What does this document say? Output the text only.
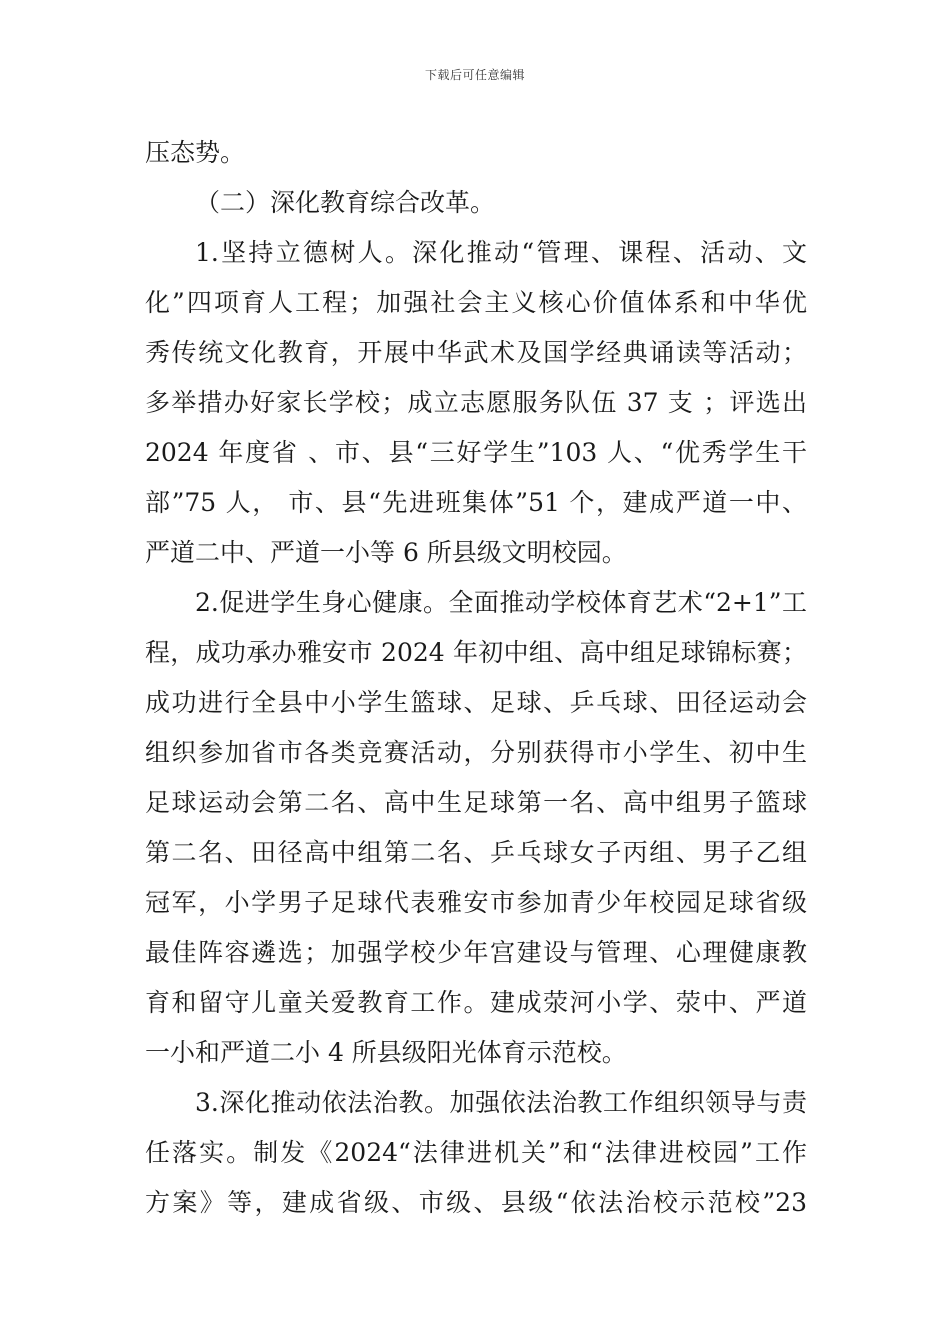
下载后可任意编辑
压态势。
（二）深化教育综合改革。
1.坚持立德树人。深化推动“管理、课程、活动、文
化”四项育人工程；加强社会主义核心价值体系和中华优
秀传统文化教育，开展中华武术及国学经典诵读等活动；
多举措办好家长学校；成立志愿服务队伍 37 支 ；评选出
2024 年度省 、市、县“三好学生”103 人、“优秀学生干
部”75 人， 市、县“先进班集体”51 个，建成严道一中、
严道二中、严道一小等 6 所县级文明校园。
2.促进学生身心健康。全面推动学校体育艺术“2+1”工
程，成功承办雅安市 2024 年初中组、高中组足球锦标赛；
成功进行全县中小学生篮球、足球、乒乓球、田径运动会
组织参加省市各类竞赛活动，分别获得市小学生、初中生
足球运动会第二名、高中生足球第一名、高中组男子篮球
第二名、田径高中组第二名、乒乓球女子丙组、男子乙组
冠军，小学男子足球代表雅安市参加青少年校园足球省级
最佳阵容遴选；加强学校少年宫建设与管理、心理健康教
育和留守儿童关爱教育工作。建成荥河小学、荥中、严道
一小和严道二小 4 所县级阳光体育示范校。
3.深化推动依法治教。加强依法治教工作组织领导与责
任落实。制发《2024“法律进机关”和“法律进校园”工作
方案》等，建成省级、市级、县级“依法治校示范校”23
